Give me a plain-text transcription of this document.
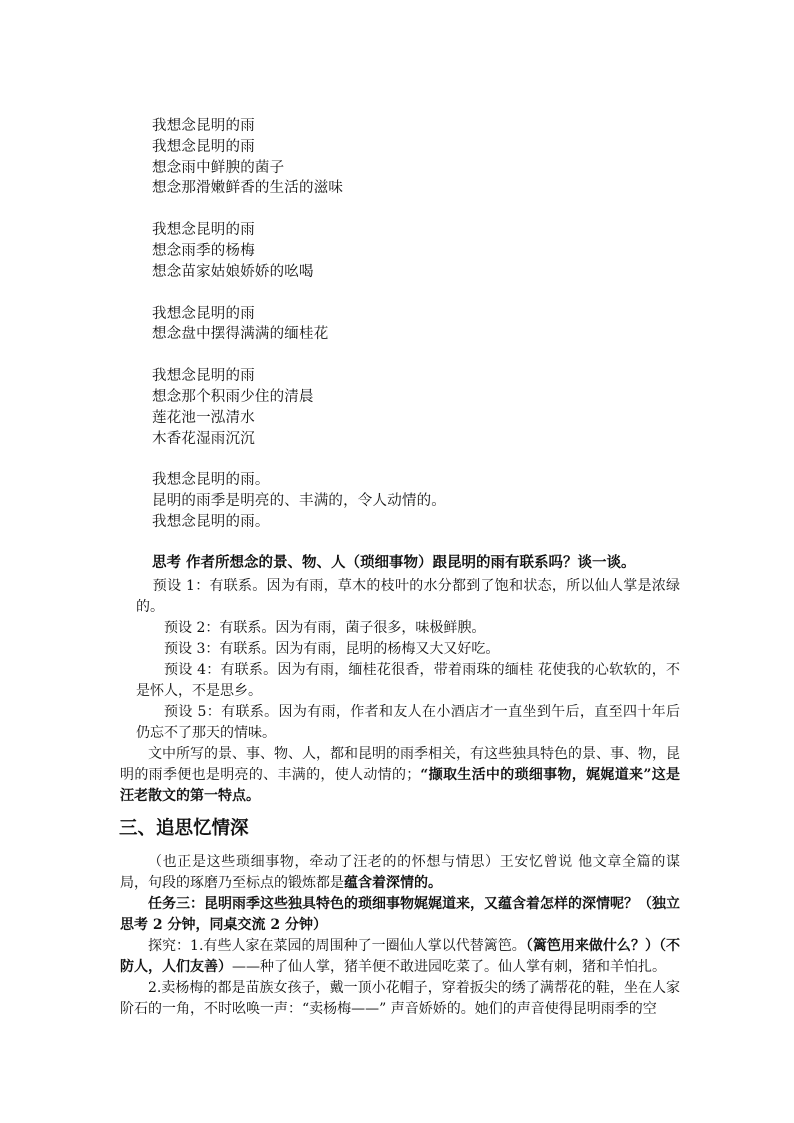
我想念昆明的雨
我想念昆明的雨
想念雨中鲜腴的菌子
想念那滑嫩鲜香的生活的滋味
我想念昆明的雨
想念雨季的杨梅
想念苗家姑娘娇娇的吆喝
我想念昆明的雨
想念盘中摆得满满的缅桂花
我想念昆明的雨
想念那个积雨少住的清晨
莲花池一泓清水
木香花湿雨沉沉
我想念昆明的雨。
昆明的雨季是明亮的、丰满的，令人动情的。
我想念昆明的雨。
思考 作者所想念的景、物、人（琐细事物）跟昆明的雨有联系吗？谈一谈。
预设 1：有联系。因为有雨，草木的枝叶的水分都到了饱和状态，所以仙人掌是浓绿的。
预设 2：有联系。因为有雨，菌子很多，味极鲜腴。
预设 3：有联系。因为有雨，昆明的杨梅又大又好吃。
预设 4：有联系。因为有雨，缅桂花很香，带着雨珠的缅桂 花使我的心软软的，不是怀人，不是思乡。
预设 5：有联系。因为有雨，作者和友人在小酒店才一直坐到午后，直至四十年后仍忘不了那天的情味。
文中所写的景、事、物、人，都和昆明的雨季相关，有这些独具特色的景、事、物，昆明的雨季便也是明亮的、丰满的，使人动情的；“撷取生活中的琐细事物，娓娓道来”这是汪老散文的第一特点。
三、追思忆情深
（也正是这些琐细事物，牵动了汪老的的怀想与情思）王安忆曾说 他文章全篇的谋局，句段的琢磨乃至标点的锻炼都是蕴含着深情的。
任务三：昆明雨季这些独具特色的琐细事物娓娓道来，又蕴含着怎样的深情呢？（独立思考 2 分钟，同桌交流 2 分钟）
探究：1.有些人家在菜园的周围种了一圈仙人掌以代替篱笆。（篱笆用来做什么？）（不防人，人们友善）——种了仙人掌，猪羊便不敢进园吃菜了。仙人掌有刺，猪和羊怕扎。
2.卖杨梅的都是苗族女孩子，戴一顶小花帽子，穿着扳尖的绣了满帮花的鞋，坐在人家阶石的一角，不时吆唤一声：“卖杨梅——” 声音娇娇的。她们的声音使得昆明雨季的空
